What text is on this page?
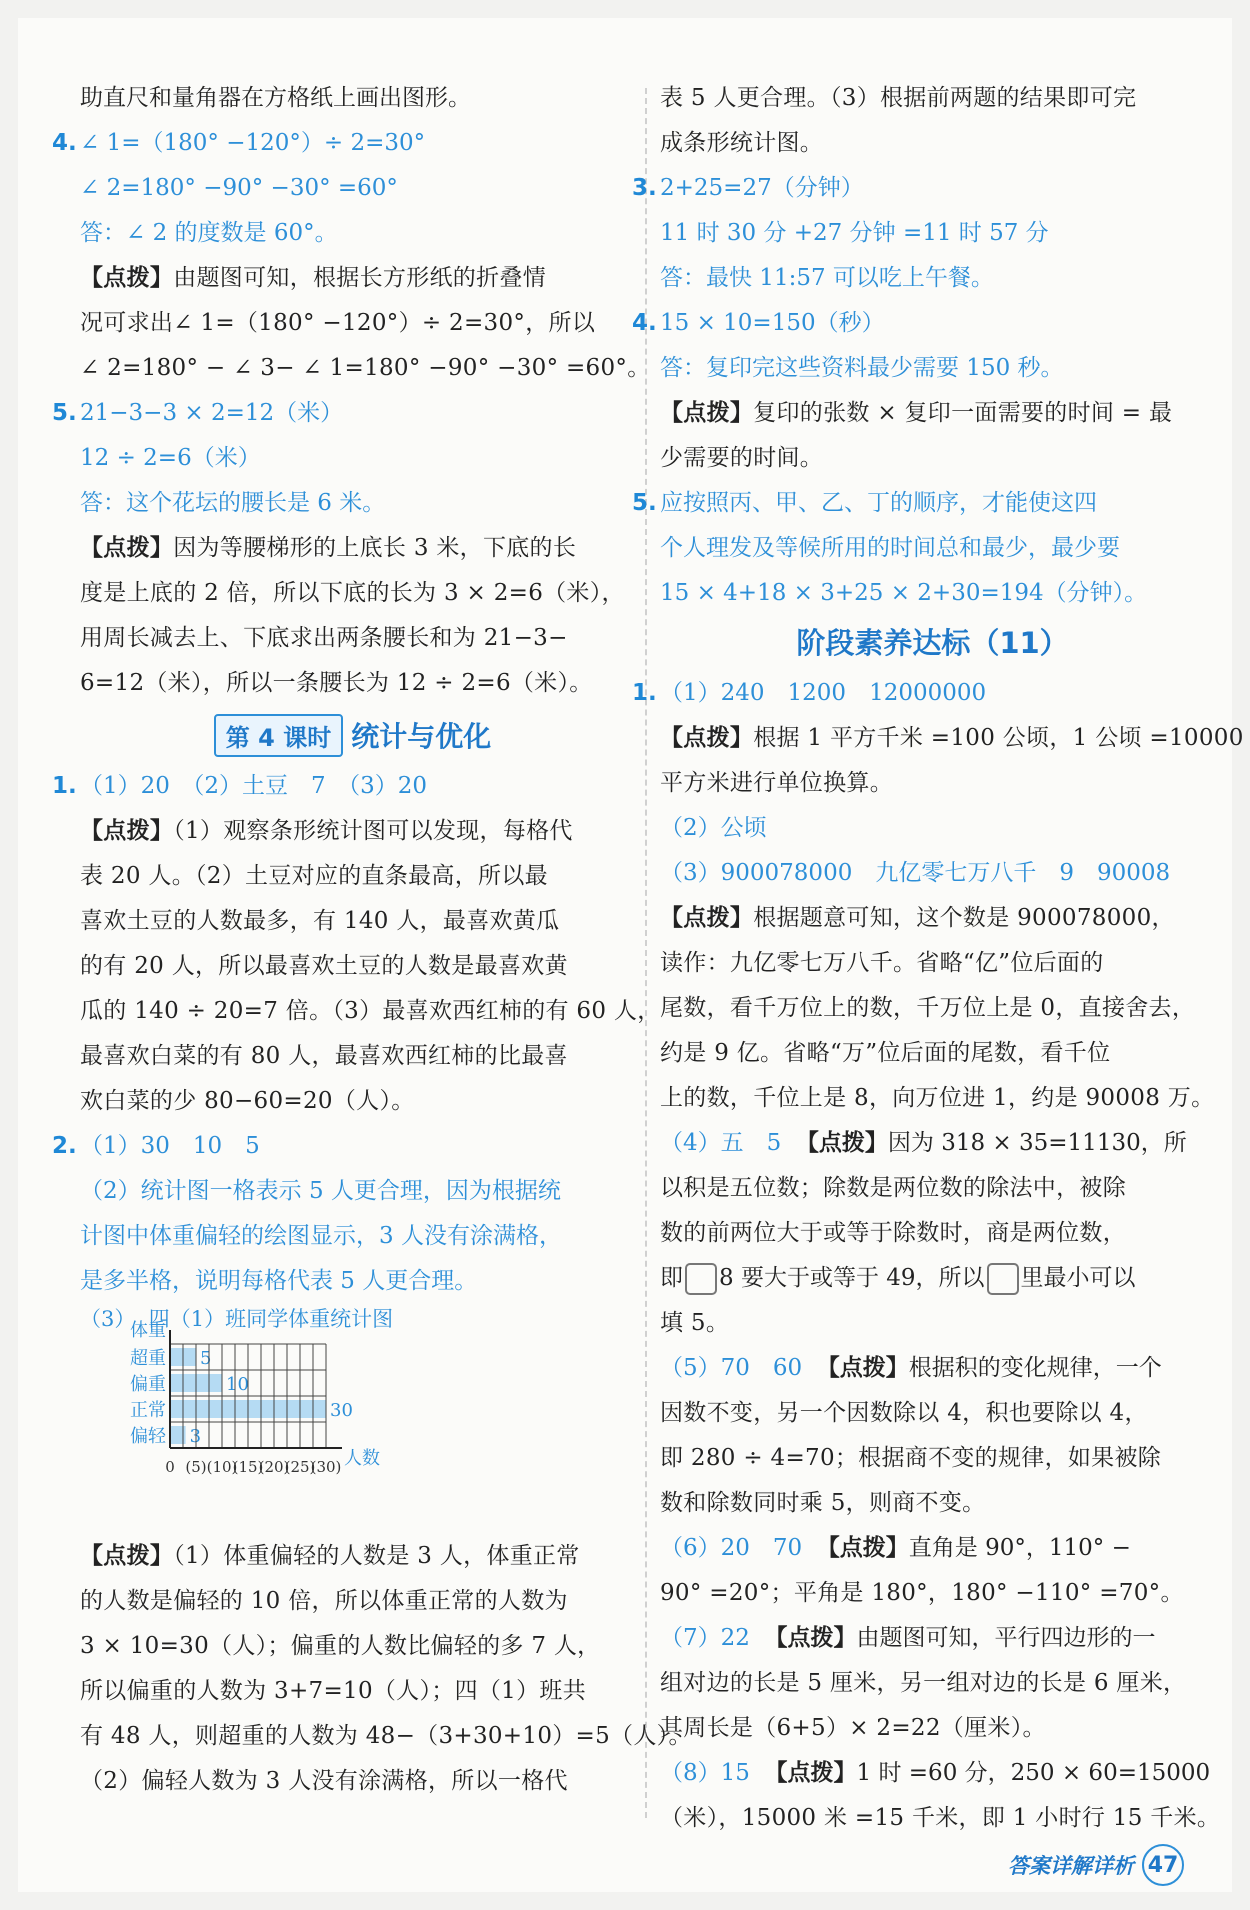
助直尺和量角器在方格纸上画出图形。
4. ∠ 1=（180° −120°）÷ 2=30°
∠ 2=180° −90° −30° =60°
答：∠ 2 的度数是 60°。
【点拨】由题图可知，根据长方形纸的折叠情
况可求出∠ 1=（180° −120°）÷ 2=30°，所以
∠ 2=180° − ∠ 3− ∠ 1=180° −90° −30° =60°。
5. 21−3−3 × 2=12（米）
12 ÷ 2=6（米）
答：这个花坛的腰长是 6 米。
【点拨】因为等腰梯形的上底长 3 米，下底的长
度是上底的 2 倍，所以下底的长为 3 × 2=6（米），
用周长减去上、下底求出两条腰长和为 21−3−
6=12（米），所以一条腰长为 12 ÷ 2=6（米）。
第 4 课时 统计与优化
1. （1）20　（2）土豆　7　（3）20
【点拨】（1）观察条形统计图可以发现，每格代
表 20 人。（2）土豆对应的直条最高，所以最
喜欢土豆的人数最多，有 140 人，最喜欢黄瓜
的有 20 人，所以最喜欢土豆的人数是最喜欢黄
瓜的 140 ÷ 20=7 倍。（3）最喜欢西红柿的有 60 人，
最喜欢白菜的有 80 人，最喜欢西红柿的比最喜
欢白菜的少 80−60=20（人）。
2. （1）30　10　5
（2）统计图一格表示 5 人更合理，因为根据统
计图中体重偏轻的绘图显示，3 人没有涂满格，
是多半格，说明每格代表 5 人更合理。
（3） 四（1）班同学体重统计图
5
超重
10
偏重
30
正常
3
偏轻
体重
人数
0 (5) (10)
(15)
(20)
(25)
(30)
【点拨】（1）体重偏轻的人数是 3 人，体重正常
的人数是偏轻的 10 倍，所以体重正常的人数为
3 × 10=30（人）；偏重的人数比偏轻的多 7 人，
所以偏重的人数为 3+7=10（人）；四（1）班共
有 48 人，则超重的人数为 48−（3+30+10）=5（人）。
（2）偏轻人数为 3 人没有涂满格，所以一格代
表 5 人更合理。（3）根据前两题的结果即可完
成条形统计图。
3. 2+25=27（分钟）
11 时 30 分 +27 分钟 =11 时 57 分
答：最快 11:57 可以吃上午餐。
4. 15 × 10=150（秒）
答：复印完这些资料最少需要 150 秒。
【点拨】复印的张数 × 复印一面需要的时间 = 最
少需要的时间。
5. 应按照丙、甲、乙、丁的顺序，才能使这四
个人理发及等候所用的时间总和最少，最少要
15 × 4+18 × 3+25 × 2+30=194（分钟）。
阶段素养达标（11）
1. （1）240　1200　12000000
【点拨】根据 1 平方千米 =100 公顷，1 公顷 =10000
平方米进行单位换算。
（2）公顷
（3）900078000　九亿零七万八千　9　90008
【点拨】根据题意可知，这个数是 900078000，
读作：九亿零七万八千。省略“亿”位后面的
尾数，看千万位上的数，千万位上是 0，直接舍去，
约是 9 亿。省略“万”位后面的尾数，看千位
上的数，千位上是 8，向万位进 1，约是 90008 万。
（4）五　5 【点拨】因为 318 × 35=11130，所
以积是五位数；除数是两位数的除法中，被除
数的前两位大于或等于除数时，商是两位数，
即 8 要大于或等于 49，所以 里最小可以
填 5。
（5）70　60 【点拨】根据积的变化规律，一个
因数不变，另一个因数除以 4，积也要除以 4，
即 280 ÷ 4=70；根据商不变的规律，如果被除
数和除数同时乘 5，则商不变。
（6）20　70 【点拨】直角是 90°，110° −
90° =20°；平角是 180°，180° −110° =70°。
（7）22 【点拨】由题图可知，平行四边形的一
组对边的长是 5 厘米，另一组对边的长是 6 厘米，
其周长是（6+5）× 2=22（厘米）。
（8）15 【点拨】1 时 =60 分，250 × 60=15000
（米），15000 米 =15 千米，即 1 小时行 15 千米。
答案详解详析 47
